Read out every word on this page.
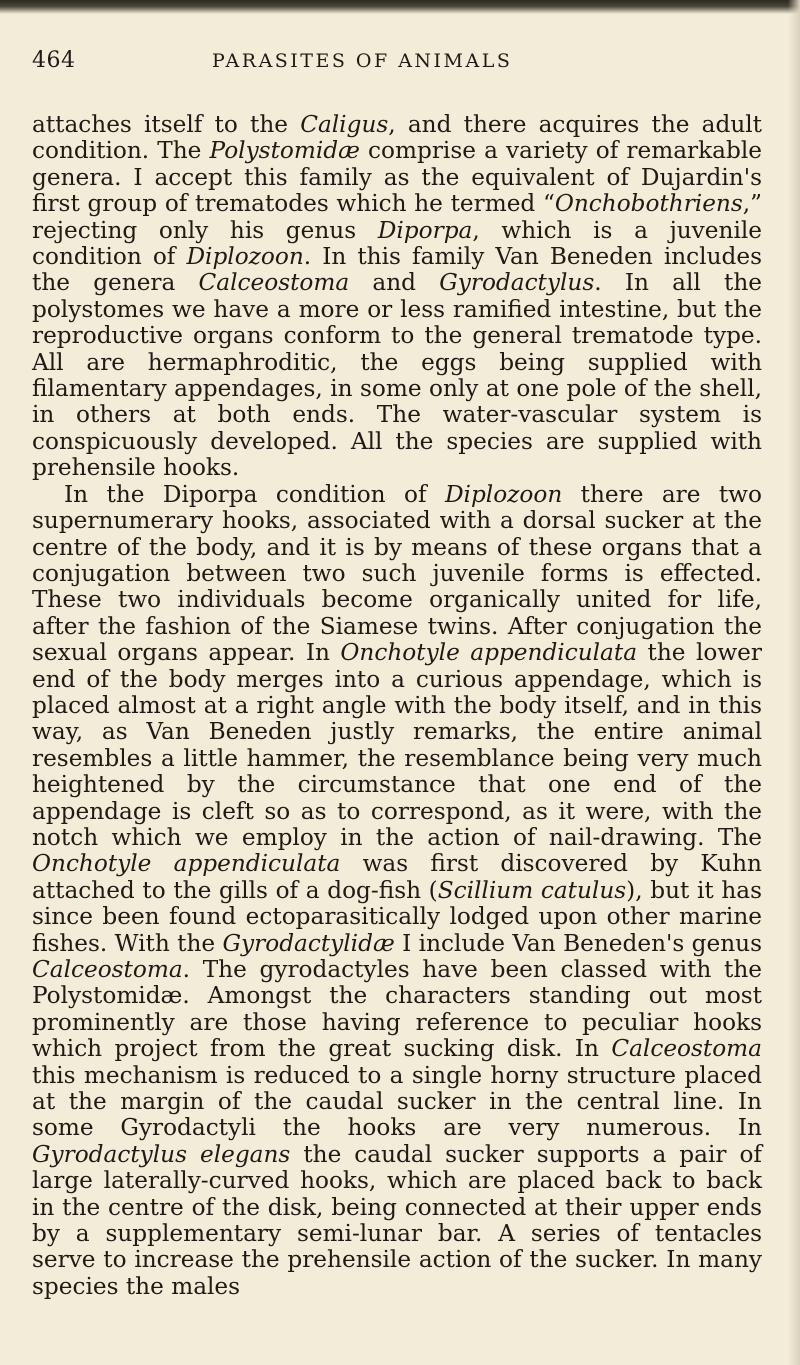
464	PARASITES OF ANIMALS

attaches itself to the Caligus, and there acquires the adult condition. The Polystomidæ comprise a variety of remarkable genera. I accept this family as the equivalent of Dujardin's first group of trematodes which he termed “Onchobothriens,” rejecting only his genus Diporpa, which is a juvenile condition of Diplozoon. In this family Van Beneden includes the genera Calceostoma and Gyrodactylus. In all the polystomes we have a more or less ramified intestine, but the reproductive organs conform to the general trematode type. All are hermaphroditic, the eggs being supplied with filamentary appendages, in some only at one pole of the shell, in others at both ends. The water-vascular system is conspicuously developed. All the species are supplied with prehensile hooks.

In the Diporpa condition of Diplozoon there are two supernumerary hooks, associated with a dorsal sucker at the centre of the body, and it is by means of these organs that a conjugation between two such juvenile forms is effected. These two individuals become organically united for life, after the fashion of the Siamese twins. After conjugation the sexual organs appear. In Onchotyle appendiculata the lower end of the body merges into a curious appendage, which is placed almost at a right angle with the body itself, and in this way, as Van Beneden justly remarks, the entire animal resembles a little hammer, the resemblance being very much heightened by the circumstance that one end of the appendage is cleft so as to correspond, as it were, with the notch which we employ in the action of nail-drawing. The Onchotyle appendiculata was first discovered by Kuhn attached to the gills of a dog-fish (Scillium catulus), but it has since been found ectoparasitically lodged upon other marine fishes. With the Gyrodactylidæ I include Van Beneden's genus Calceostoma. The gyrodactyles have been classed with the Polystomidæ. Amongst the characters standing out most prominently are those having reference to peculiar hooks which project from the great sucking disk. In Calceostoma this mechanism is reduced to a single horny structure placed at the margin of the caudal sucker in the central line. In some Gyrodactyli the hooks are very numerous. In Gyrodactylus elegans the caudal sucker supports a pair of large laterally-curved hooks, which are placed back to back in the centre of the disk, being connected at their upper ends by a supplementary semi-lunar bar. A series of tentacles serve to increase the prehensile action of the sucker. In many species the males
